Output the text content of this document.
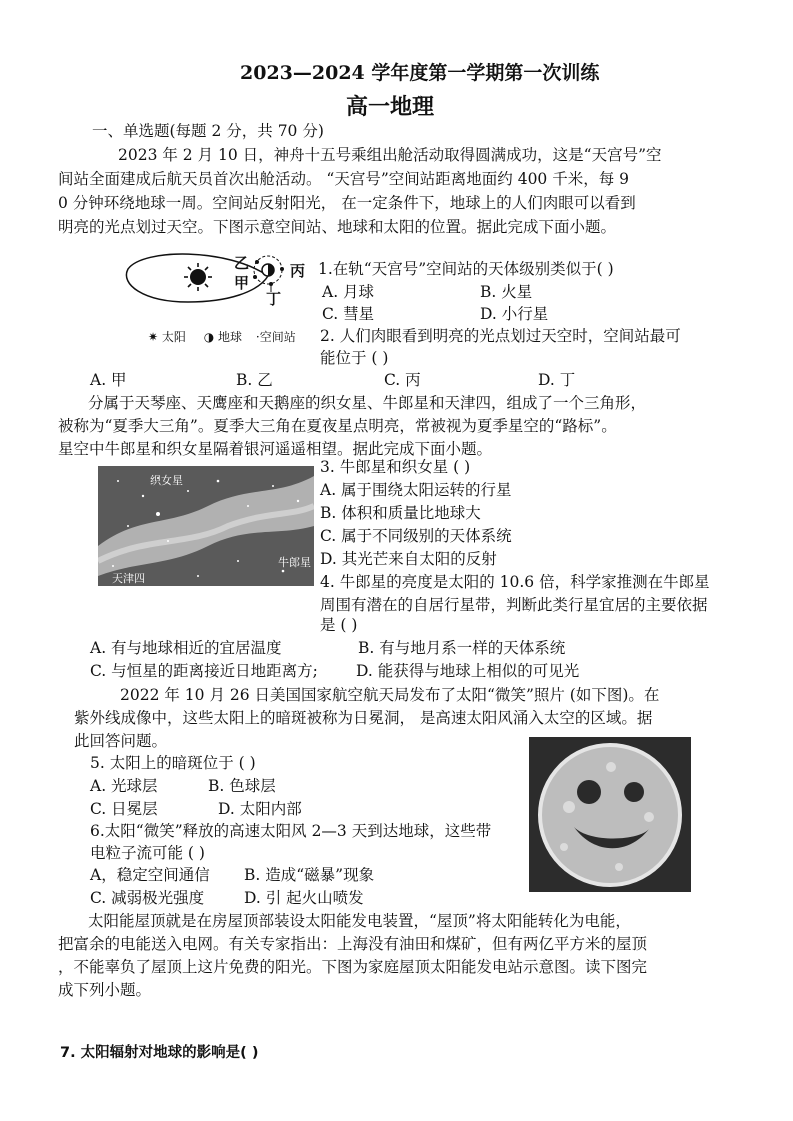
2023—2024 学年度第一学期第一次训练
高一地理
一、单选题(每题 2 分，共 70 分)
2023 年 2 月 10 日，神舟十五号乘组出舱活动取得圆满成功，这是“天宫号”空
间站全面建成后航天员首次出舱活动。 “天宫号”空间站距离地面约 400 千米，每 9
0 分钟环绕地球一周。空间站反射阳光， 在一定条件下，地球上的人们肉眼可以看到
明亮的光点划过天空。下图示意空间站、地球和太阳的位置。据此完成下面小题。
乙
甲
丙
丁
✷ 太阳 ◑ 地球 ·空间站
1.在轨“天宫号”空间站的天体级别类似于( )
A. 月球	B. 火星
C. 彗星	D. 小行星
2. 人们肉眼看到明亮的光点划过天空时，空间站最可
能位于 ( )
A. 甲	B. 乙	C. 丙	D. 丁
分属于天琴座、天鹰座和天鹅座的织女星、牛郎星和天津四，组成了一个三角形，
被称为“夏季大三角”。夏季大三角在夏夜星点明亮，常被视为夏季星空的“路标”。
星空中牛郎星和织女星隔着银河遥遥相望。据此完成下面小题。
织女星
牛郎星
天津四
3. 牛郎星和织女星 ( )
A. 属于围绕太阳运转的行星
B. 体积和质量比地球大
C. 属于不同级别的天体系统
D. 其光芒来自太阳的反射
4. 牛郎星的亮度是太阳的 10.6 倍，科学家推测在牛郎星
周围有潜在的自居行星带，判断此类行星宜居的主要依据
是 ( )
A. 有与地球相近的宜居温度	B. 有与地月系一样的天体系统
C. 与恒星的距离接近日地距离方; D. 能获得与地球上相似的可见光
2022 年 10 月 26 日美国国家航空航天局发布了太阳“微笑”照片 (如下图)。在
紫外线成像中，这些太阳上的暗斑被称为日冕洞， 是高速太阳风涌入太空的区域。据
此回答问题。
5. 太阳上的暗斑位于 ( )
A. 光球层	B. 色球层
C. 日冕层	D. 太阳内部
6.太阳“微笑”释放的高速太阳风 2—3 天到达地球，这些带
电粒子流可能 ( )
A，稳定空间通信 B. 造成“磁暴”现象
C. 减弱极光强度	D. 引 起火山喷发
太阳能屋顶就是在房屋顶部装设太阳能发电装置，“屋顶”将太阳能转化为电能，
把富余的电能送入电网。有关专家指出：上海没有油田和煤矿，但有两亿平方米的屋顶
，不能辜负了屋顶上这片免费的阳光。下图为家庭屋顶太阳能发电站示意图。读下图完
成下列小题。
7. 太阳辐射对地球的影响是( )
